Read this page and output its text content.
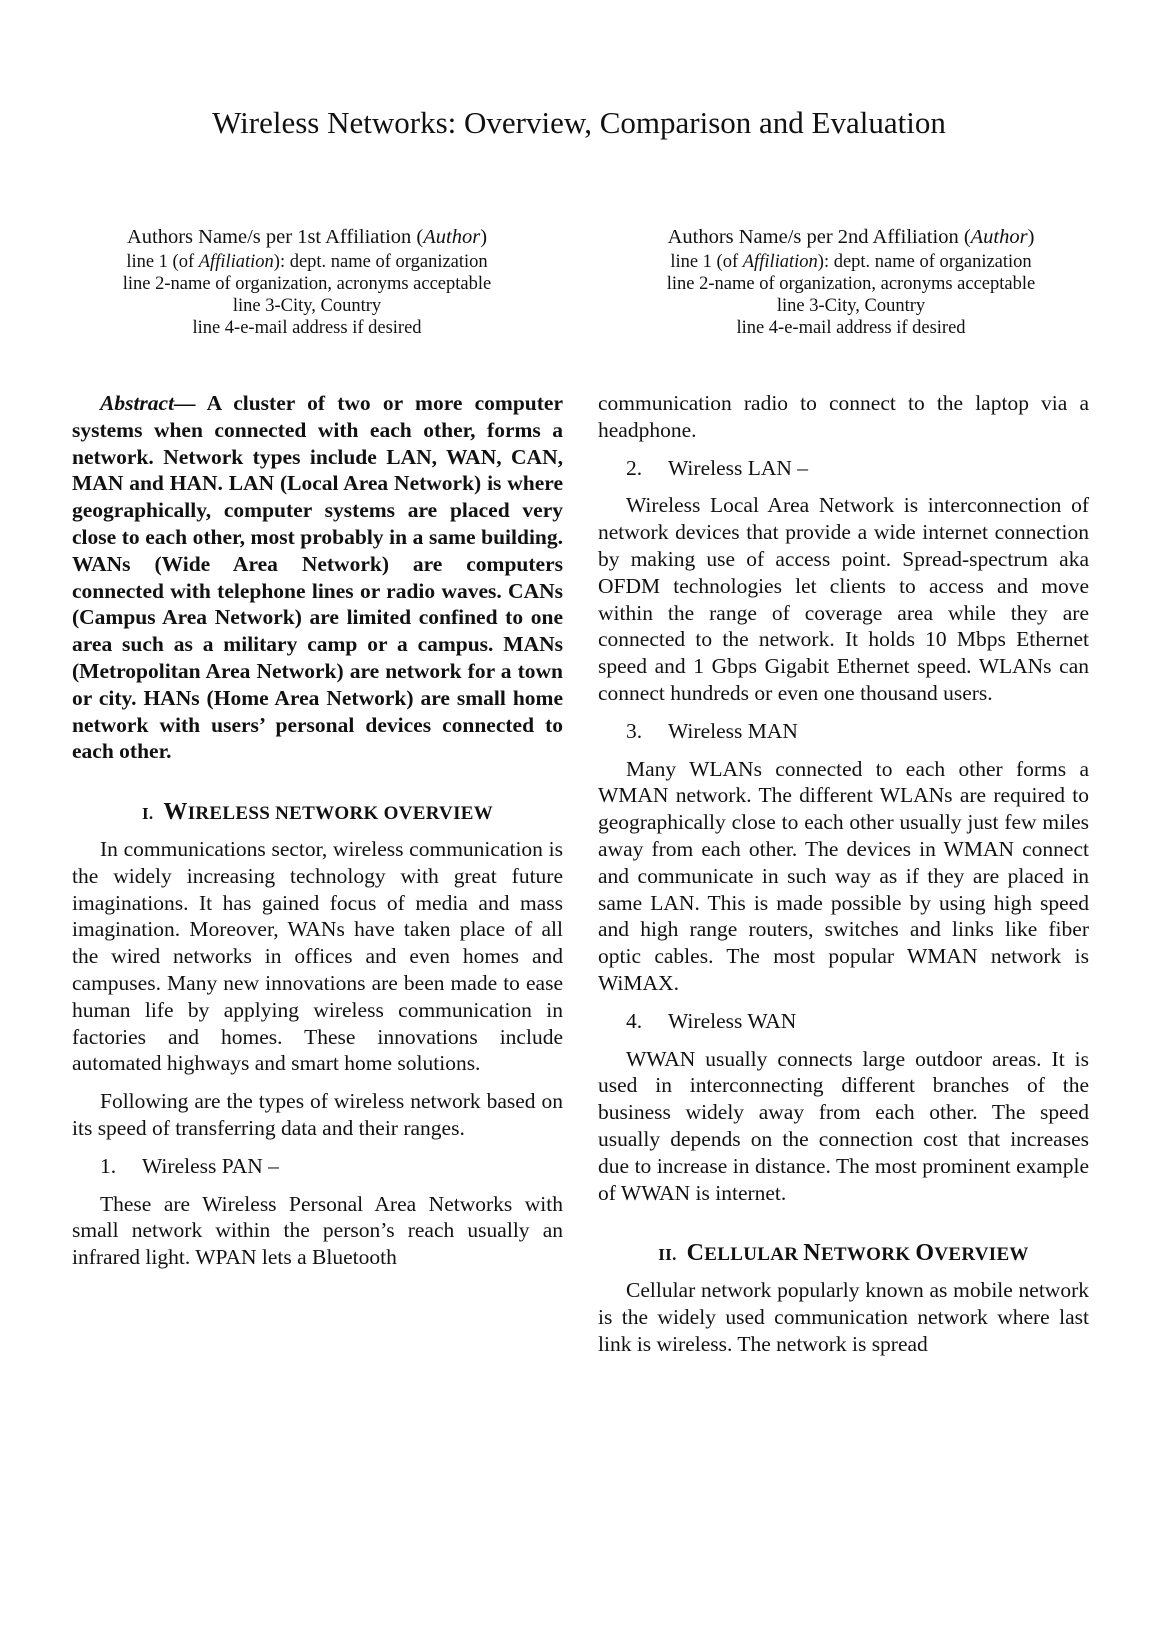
Wireless Networks: Overview, Comparison and Evaluation
Authors Name/s per 1st Affiliation (Author)
line 1 (of Affiliation): dept. name of organization
line 2-name of organization, acronyms acceptable
line 3-City, Country
line 4-e-mail address if desired
Authors Name/s per 2nd Affiliation (Author)
line 1 (of Affiliation): dept. name of organization
line 2-name of organization, acronyms acceptable
line 3-City, Country
line 4-e-mail address if desired

Abstract— A cluster of two or more computer systems when connected with each other, forms a network. Network types include LAN, WAN, CAN, MAN and HAN. LAN (Local Area Network) is where geographically, computer systems are placed very close to each other, most probably in a same building. WANs (Wide Area Network) are computers connected with telephone lines or radio waves. CANs (Campus Area Network) are limited confined to one area such as a military camp or a campus. MANs (Metropolitan Area Network) are network for a town or city. HANs (Home Area Network) are small home network with users’ personal devices connected to each other.

I. WIRELESS NETWORK OVERVIEW

In communications sector, wireless communication is the widely increasing technology with great future imaginations. It has gained focus of media and mass imagination. Moreover, WANs have taken place of all the wired networks in offices and even homes and campuses. Many new innovations are been made to ease human life by applying wireless communication in factories and homes. These innovations include automated highways and smart home solutions.

Following are the types of wireless network based on its speed of transferring data and their ranges.

1. Wireless PAN –

These are Wireless Personal Area Networks with small network within the person’s reach usually an infrared light. WPAN lets a Bluetooth

communication radio to connect to the laptop via a headphone.

2. Wireless LAN –

Wireless Local Area Network is interconnection of network devices that provide a wide internet connection by making use of access point. Spread-spectrum aka OFDM technologies let clients to access and move within the range of coverage area while they are connected to the network. It holds 10 Mbps Ethernet speed and 1 Gbps Gigabit Ethernet speed. WLANs can connect hundreds or even one thousand users.

3. Wireless MAN

Many WLANs connected to each other forms a WMAN network. The different WLANs are required to geographically close to each other usually just few miles away from each other. The devices in WMAN connect and communicate in such way as if they are placed in same LAN. This is made possible by using high speed and high range routers, switches and links like fiber optic cables. The most popular WMAN network is WiMAX.

4. Wireless WAN

WWAN usually connects large outdoor areas. It is used in interconnecting different branches of the business widely away from each other. The speed usually depends on the connection cost that increases due to increase in distance. The most prominent example of WWAN is internet.

II. CELLULAR NETWORK OVERVIEW

Cellular network popularly known as mobile network is the widely used communication network where last link is wireless. The network is spread
